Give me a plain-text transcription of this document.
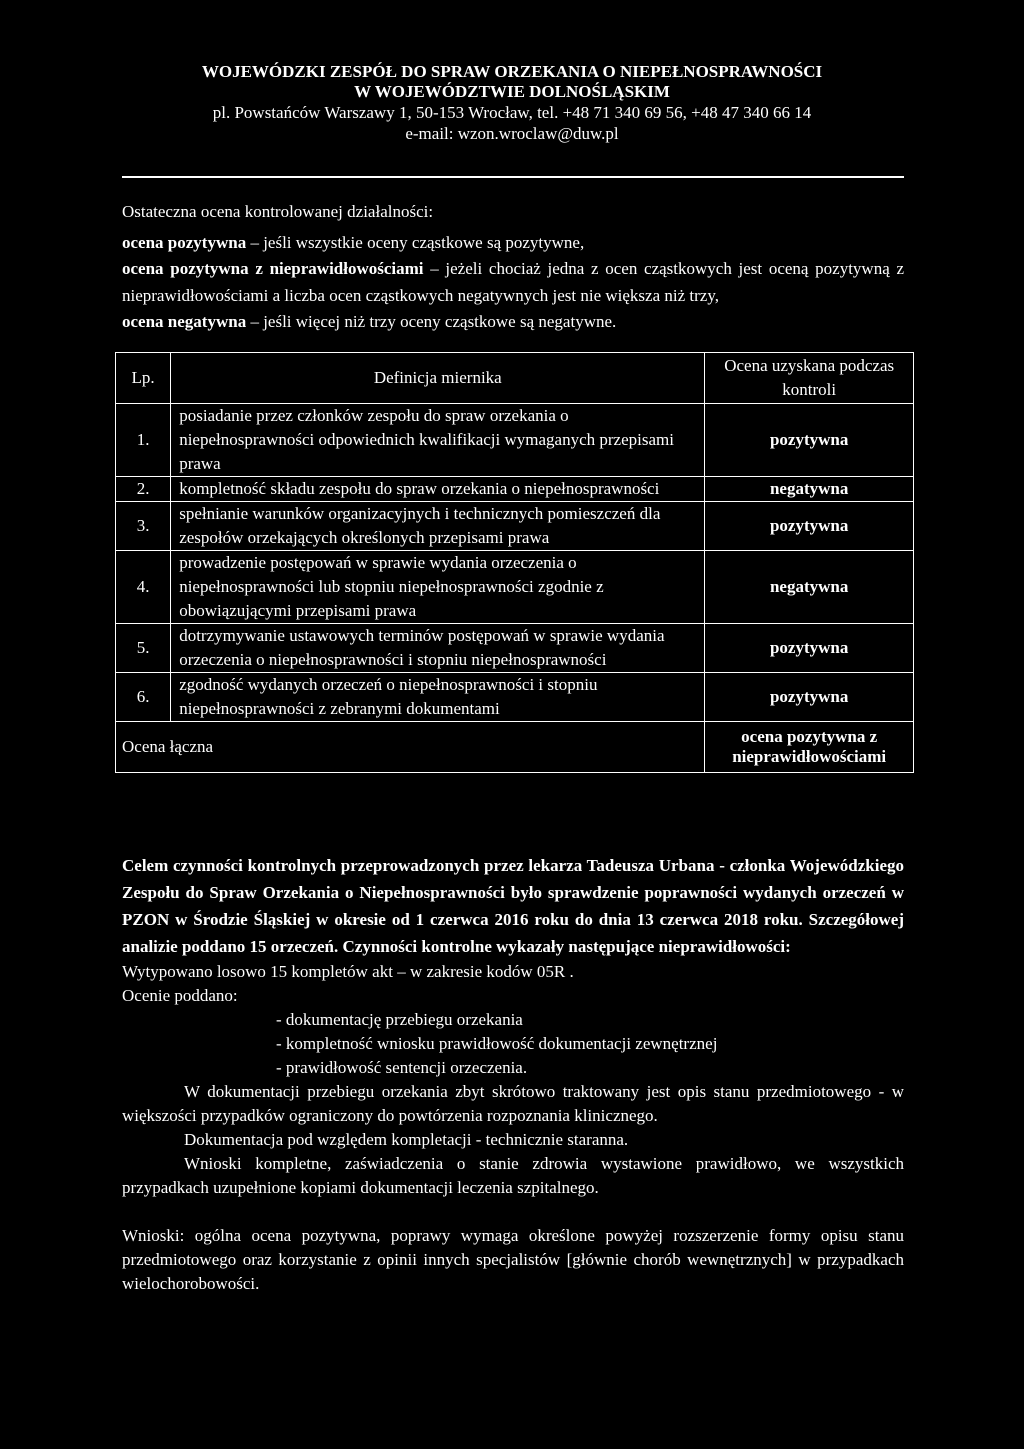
WOJEWÓDZKI ZESPÓŁ DO SPRAW ORZEKANIA O NIEPEŁNOSPRAWNOŚCI
W WOJEWÓDZTWIE DOLNOŚLĄSKIM
pl. Powstańców Warszawy 1, 50-153 Wrocław, tel. +48 71 340 69 56, +48 47 340 66 14
e-mail: wzon.wroclaw@duw.pl
Ostateczna ocena kontrolowanej działalności:
ocena pozytywna – jeśli wszystkie oceny cząstkowe są pozytywne,
ocena pozytywna z nieprawidłowościami – jeżeli chociaż jedna z ocen cząstkowych jest oceną pozytywną z nieprawidłowościami a liczba ocen cząstkowych negatywnych jest nie większa niż trzy,
ocena negatywna – jeśli więcej niż trzy oceny cząstkowe są negatywne.
Lp.	Definicja miernika	Ocena uzyskana podczas kontroli
1.	posiadanie przez członków zespołu do spraw orzekania o niepełnosprawności odpowiednich kwalifikacji wymaganych przepisami prawa	pozytywna
2.	kompletność składu zespołu do spraw orzekania o niepełnosprawności	negatywna
3.	spełnianie warunków organizacyjnych i technicznych pomieszczeń dla zespołów orzekających określonych przepisami prawa	pozytywna
4.	prowadzenie postępowań w sprawie wydania orzeczenia o niepełnosprawności lub stopniu niepełnosprawności zgodnie z obowiązującymi przepisami prawa	negatywna
5.	dotrzymywanie ustawowych terminów postępowań w sprawie wydania orzeczenia o niepełnosprawności i stopniu niepełnosprawności	pozytywna
6.	zgodność wydanych orzeczeń o niepełnosprawności i stopniu niepełnosprawności z zebranymi dokumentami	pozytywna
Ocena łączna		ocena pozytywna z nieprawidłowościami
Celem czynności kontrolnych przeprowadzonych przez lekarza Tadeusza Urbana - członka Wojewódzkiego Zespołu do Spraw Orzekania o Niepełnosprawności było sprawdzenie poprawności wydanych orzeczeń w PZON w Środzie Śląskiej w okresie od 1 czerwca 2016 roku do dnia 13 czerwca 2018 roku. Szczegółowej analizie poddano 15 orzeczeń. Czynności kontrolne wykazały następujące nieprawidłowości:
Wytypowano losowo 15 kompletów akt – w zakresie kodów 05R .
Ocenie poddano:
- dokumentację przebiegu orzekania
- kompletność wniosku prawidłowość dokumentacji zewnętrznej
- prawidłowość sentencji orzeczenia.
W dokumentacji przebiegu orzekania zbyt skrótowo traktowany jest opis stanu przedmiotowego - w większości przypadków ograniczony do powtórzenia rozpoznania klinicznego.
Dokumentacja pod względem kompletacji - technicznie staranna.
Wnioski kompletne, zaświadczenia o stanie zdrowia wystawione prawidłowo, we wszystkich przypadkach uzupełnione kopiami dokumentacji leczenia szpitalnego.
Wnioski: ogólna ocena pozytywna, poprawy wymaga określone powyżej rozszerzenie formy opisu stanu przedmiotowego oraz korzystanie z opinii innych specjalistów [głównie chorób wewnętrznych] w przypadkach wielochorobowości.
